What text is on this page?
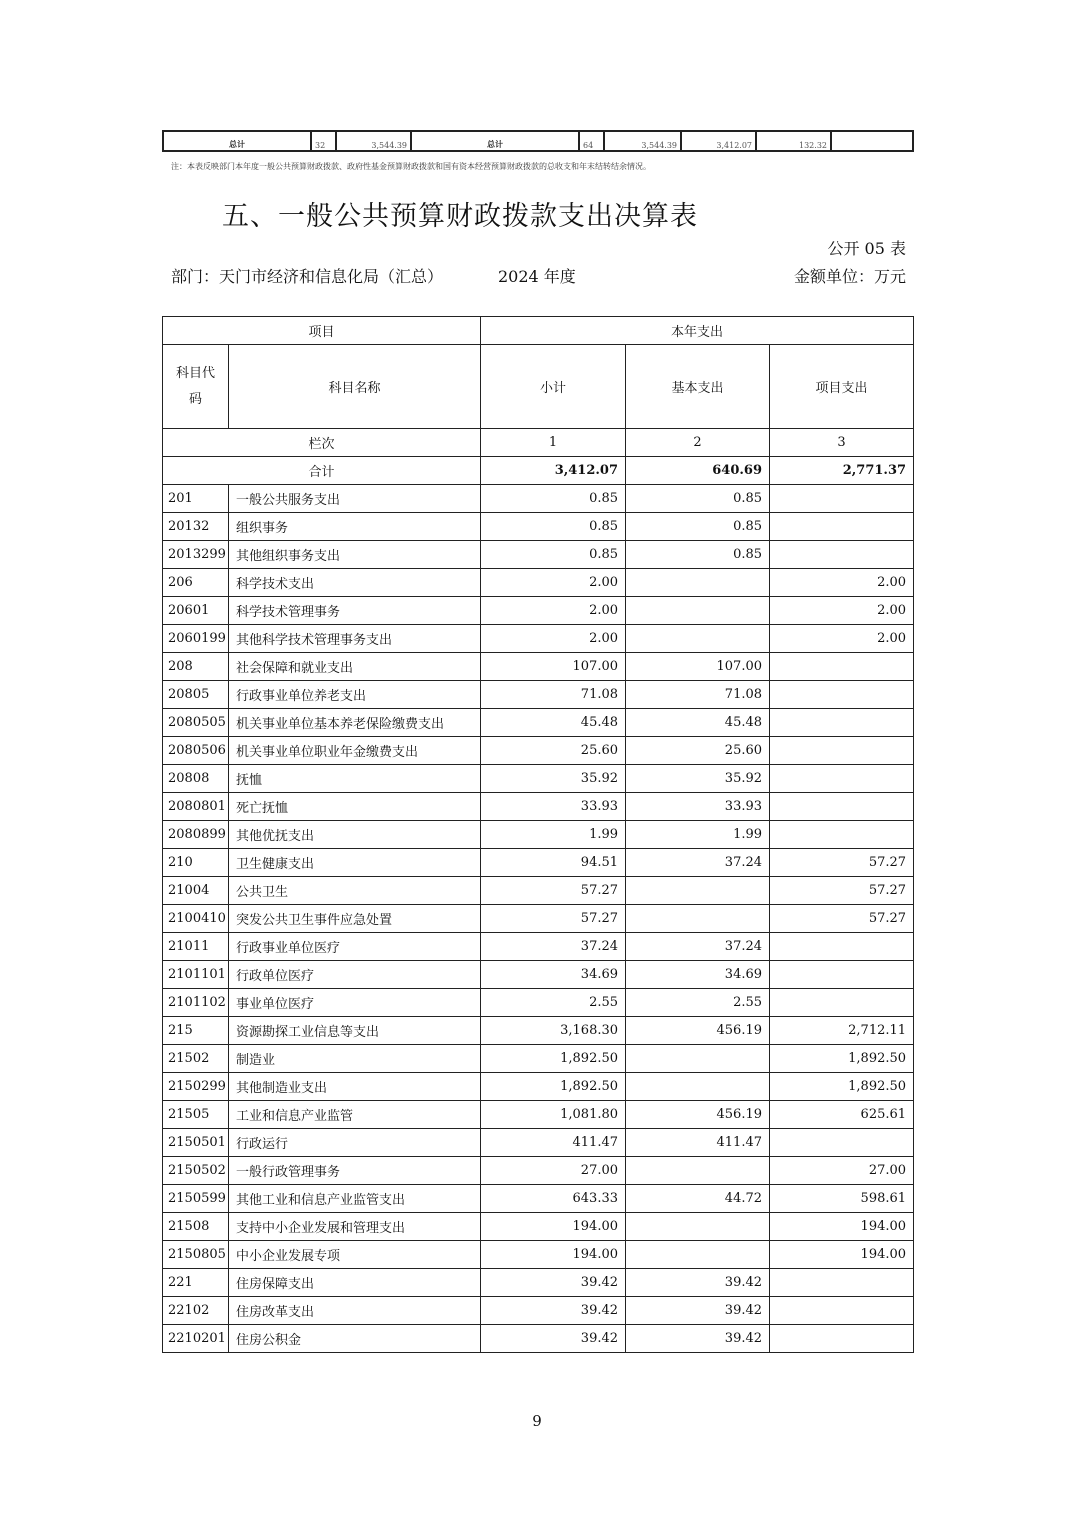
总计	32	3,544.39	总计	64	3,544.39	3,412.07	132.32	
注：本表反映部门本年度一般公共预算财政拨款、政府性基金预算财政拨款和国有资本经营预算财政拨款的总收支和年末结转结余情况。
五、一般公共预算财政拨款支出决算表
公开 05 表
部门：天门市经济和信息化局（汇总）	2024 年度	金额单位：万元
项目		本年支出		
科目代码	科目名称	小计	基本支出	项目支出
栏次		1	2	3
合计		3,412.07	640.69	2,771.37
201	一般公共服务支出	0.85	0.85	
20132	组织事务	0.85	0.85	
2013299	其他组织事务支出	0.85	0.85	
206	科学技术支出	2.00		2.00
20601	科学技术管理事务	2.00		2.00
2060199	其他科学技术管理事务支出	2.00		2.00
208	社会保障和就业支出	107.00	107.00	
20805	行政事业单位养老支出	71.08	71.08	
2080505	机关事业单位基本养老保险缴费支出	45.48	45.48	
2080506	机关事业单位职业年金缴费支出	25.60	25.60	
20808	抚恤	35.92	35.92	
2080801	死亡抚恤	33.93	33.93	
2080899	其他优抚支出	1.99	1.99	
210	卫生健康支出	94.51	37.24	57.27
21004	公共卫生	57.27		57.27
2100410	突发公共卫生事件应急处置	57.27		57.27
21011	行政事业单位医疗	37.24	37.24	
2101101	行政单位医疗	34.69	34.69	
2101102	事业单位医疗	2.55	2.55	
215	资源勘探工业信息等支出	3,168.30	456.19	2,712.11
21502	制造业	1,892.50		1,892.50
2150299	其他制造业支出	1,892.50		1,892.50
21505	工业和信息产业监管	1,081.80	456.19	625.61
2150501	行政运行	411.47	411.47	
2150502	一般行政管理事务	27.00		27.00
2150599	其他工业和信息产业监管支出	643.33	44.72	598.61
21508	支持中小企业发展和管理支出	194.00		194.00
2150805	中小企业发展专项	194.00		194.00
221	住房保障支出	39.42	39.42	
22102	住房改革支出	39.42	39.42	
2210201	住房公积金	39.42	39.42	
9
